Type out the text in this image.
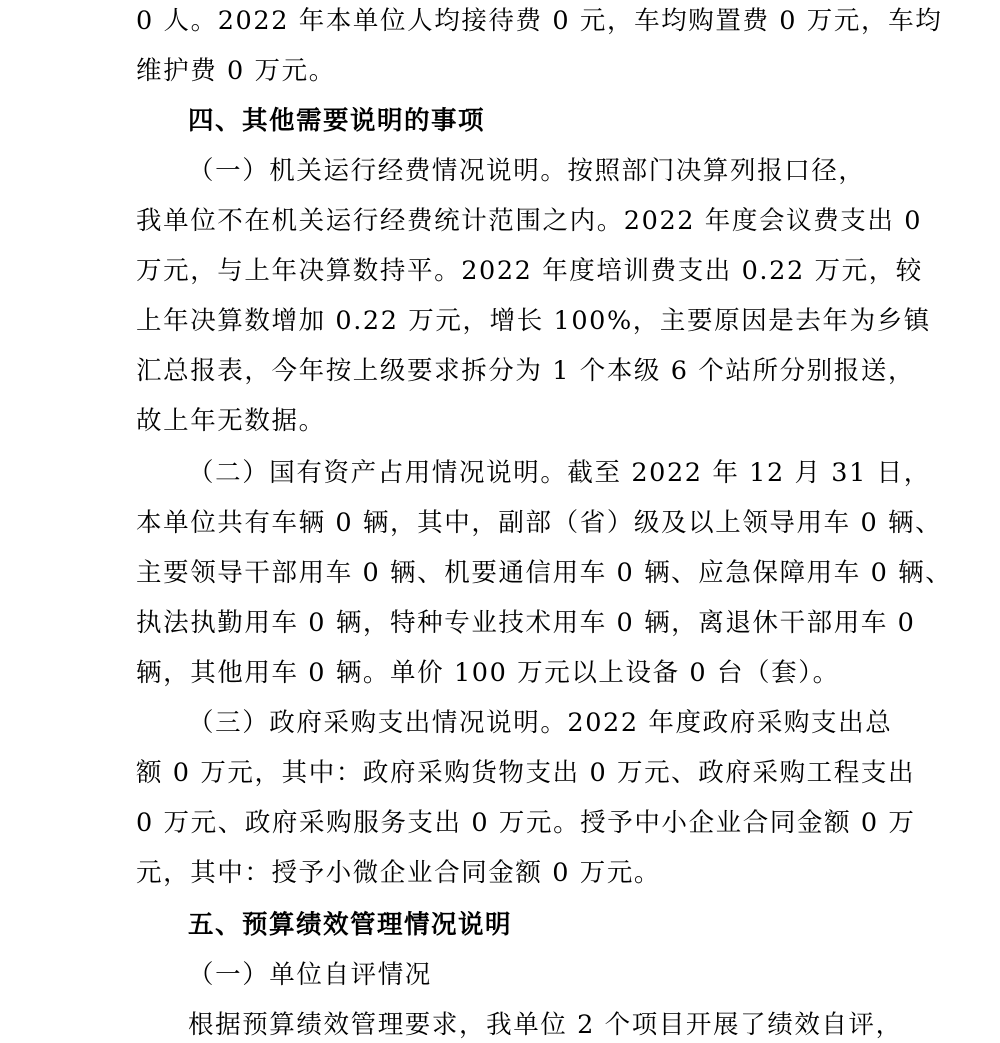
0 人。2022 年本单位人均接待费 0 元，车均购置费 0 万元，车均
维护费 0 万元。
四、其他需要说明的事项
（一）机关运行经费情况说明。按照部门决算列报口径，
我单位不在机关运行经费统计范围之内。2022 年度会议费支出 0
万元，与上年决算数持平。2022 年度培训费支出 0.22 万元，较
上年决算数增加 0.22 万元，增长 100%，主要原因是去年为乡镇
汇总报表，今年按上级要求拆分为 1 个本级 6 个站所分别报送，
故上年无数据。
（二）国有资产占用情况说明。截至 2022 年 12 月 31 日，
本单位共有车辆 0 辆，其中，副部（省）级及以上领导用车 0 辆、
主要领导干部用车 0 辆、机要通信用车 0 辆、应急保障用车 0 辆、
执法执勤用车 0 辆，特种专业技术用车 0 辆，离退休干部用车 0
辆，其他用车 0 辆。单价 100 万元以上设备 0 台（套）。
（三）政府采购支出情况说明。2022 年度政府采购支出总
额 0 万元，其中：政府采购货物支出 0 万元、政府采购工程支出
0 万元、政府采购服务支出 0 万元。授予中小企业合同金额 0 万
元，其中：授予小微企业合同金额 0 万元。
五、预算绩效管理情况说明
（一）单位自评情况
根据预算绩效管理要求，我单位 2 个项目开展了绩效自评，
